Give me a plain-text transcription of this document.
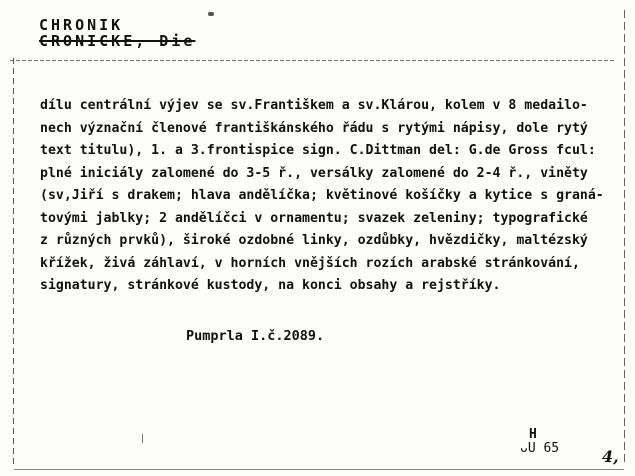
CHRONIK
CRONICKE, Die
dílu centrální výjev se sv.Františkem a sv.Klárou, kolem v 8 medailo-
nech význační členové františkánského řádu s rytými nápisy, dole rytý
text titulu), 1. a 3.frontispice sign. C.Dittman del: G.de Gross fcul:
plné iniciály zalomené do 3-5 ř., versálky zalomené do 2-4 ř., viněty
(sv,Jiří s drakem; hlava andělíčka; květinové košíčky a kytice s graná-
tovými jablky; 2 andělíčci v ornamentu; svazek zeleniny; typografické
z různých prvků), široké ozdobné linky, ozdůbky, hvězdičky, maltézský
křížek, živá záhlaví, v horních vnějších rozích arabské stránkování,
signatury, stránkové kustody, na konci obsahy a rejstříky.
Pumprla I.č.2089.
H
ᴗU 65	4,
